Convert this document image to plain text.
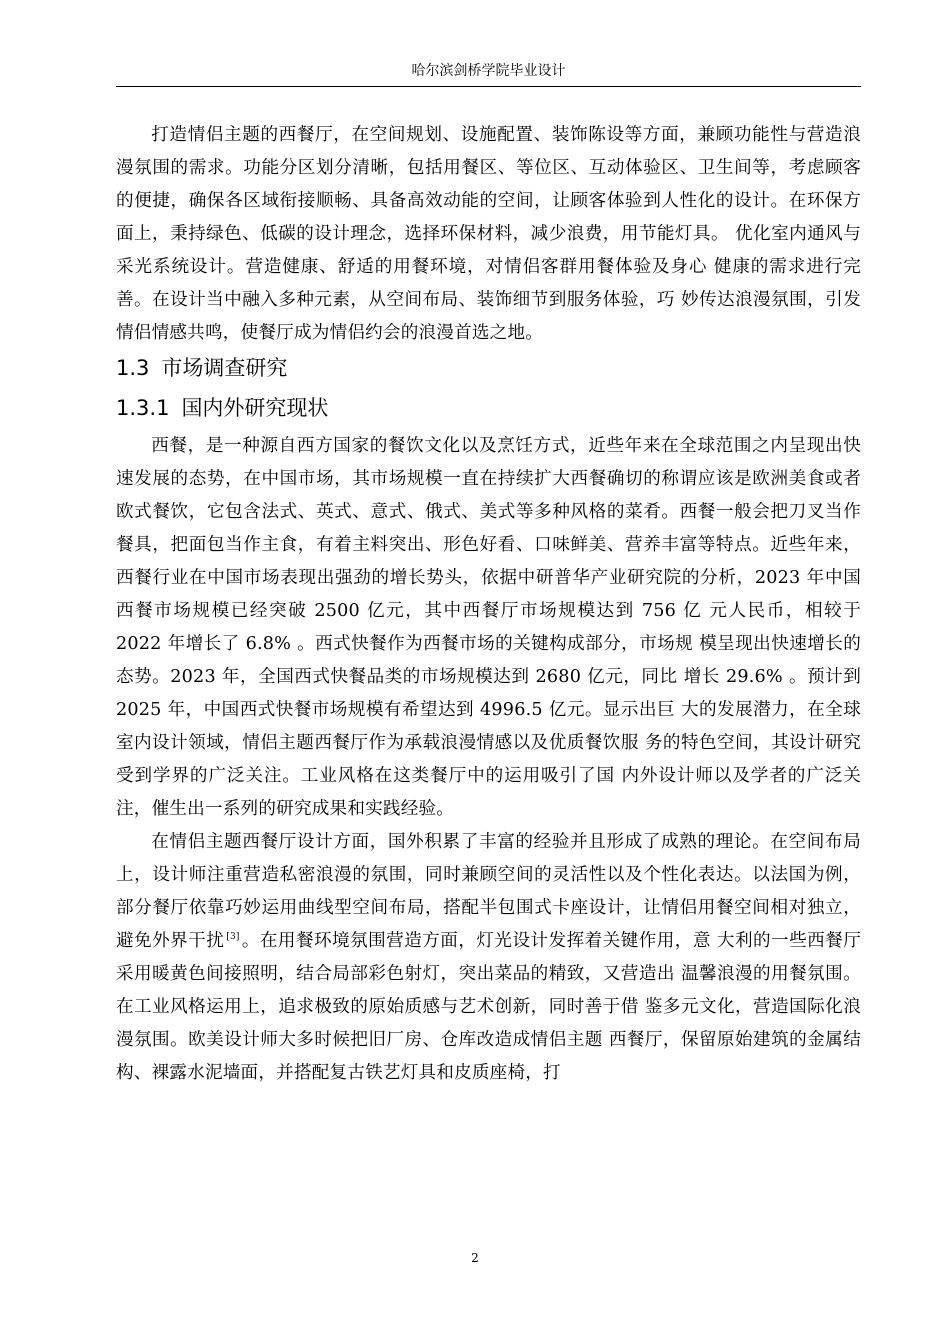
哈尔滨剑桥学院毕业设计

打造情侣主题的西餐厅，在空间规划、设施配置、装饰陈设等方面，兼顾功能性与营造浪漫氛围的需求。功能分区划分清晰，包括用餐区、等位区、互动体验区、卫生间等，考虑顾客的便捷，确保各区域衔接顺畅、具备高效动能的空间，让顾客体验到人性化的设计。在环保方面上，秉持绿色、低碳的设计理念，选择环保材料，减少浪费，用节能灯具。 优化室内通风与采光系统设计。营造健康、舒适的用餐环境，对情侣客群用餐体验及身心 健康的需求进行完善。在设计当中融入多种元素，从空间布局、装饰细节到服务体验，巧 妙传达浪漫氛围，引发情侣情感共鸣，使餐厅成为情侣约会的浪漫首选之地。

1.3 市场调查研究
1.3.1 国内外研究现状

西餐，是一种源自西方国家的餐饮文化以及烹饪方式，近些年来在全球范围之内呈现出快速发展的态势，在中国市场，其市场规模一直在持续扩大西餐确切的称谓应该是欧洲美食或者欧式餐饮，它包含法式、英式、意式、俄式、美式等多种风格的菜肴。西餐一般会把刀叉当作餐具，把面包当作主食，有着主料突出、形色好看、口味鲜美、营养丰富等特点。近些年来，西餐行业在中国市场表现出强劲的增长势头，依据中研普华产业研究院的分析，2023 年中国西餐市场规模已经突破 2500 亿元，其中西餐厅市场规模达到 756 亿 元人民币，相较于 2022 年增长了 6.8% 。西式快餐作为西餐市场的关键构成部分，市场规 模呈现出快速增长的态势。2023 年，全国西式快餐品类的市场规模达到 2680 亿元，同比 增长 29.6% 。预计到 2025 年，中国西式快餐市场规模有希望达到 4996.5 亿元。显示出巨 大的发展潜力，在全球室内设计领域，情侣主题西餐厅作为承载浪漫情感以及优质餐饮服 务的特色空间，其设计研究受到学界的广泛关注。工业风格在这类餐厅中的运用吸引了国 内外设计师以及学者的广泛关注，催生出一系列的研究成果和实践经验。

在情侣主题西餐厅设计方面，国外积累了丰富的经验并且形成了成熟的理论。在空间布局上，设计师注重营造私密浪漫的氛围，同时兼顾空间的灵活性以及个性化表达。以法国为例，部分餐厅依靠巧妙运用曲线型空间布局，搭配半包围式卡座设计，让情侣用餐空间相对独立，避免外界干扰 [3] 。在用餐环境氛围营造方面，灯光设计发挥着关键作用，意 大利的一些西餐厅采用暖黄色间接照明，结合局部彩色射灯，突出菜品的精致，又营造出 温馨浪漫的用餐氛围。在工业风格运用上，追求极致的原始质感与艺术创新，同时善于借 鉴多元文化，营造国际化浪漫氛围。欧美设计师大多时候把旧厂房、仓库改造成情侣主题 西餐厅，保留原始建筑的金属结构、裸露水泥墙面，并搭配复古铁艺灯具和皮质座椅，打

2
